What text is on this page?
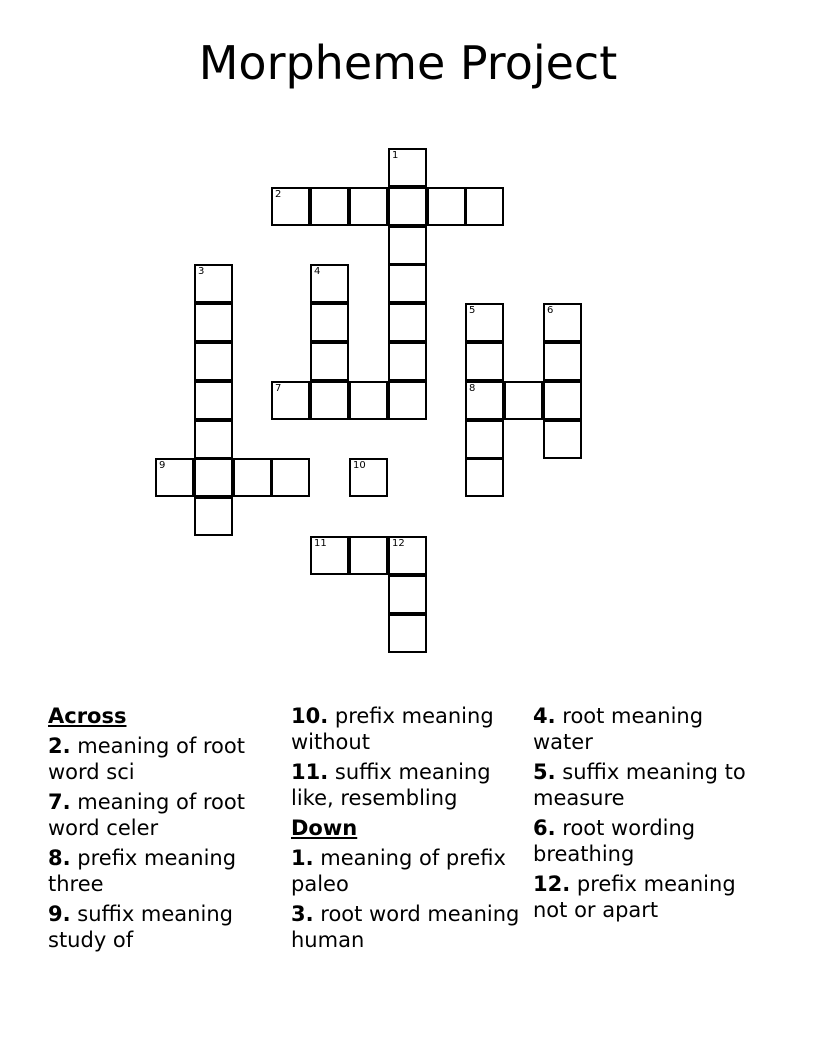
Morpheme Project
1
2
3	4
5
8
6
7
9	10
11	12
Across
2. meaning of root word sci
7. meaning of root word celer
8. prefix meaning three
9. suffix meaning study of
10. prefix meaning without
11. suffix meaning like, resembling
Down
1. meaning of prefix paleo
3. root word meaning human
4. root meaning water
5. suffix meaning to measure
6. root wording breathing
12. prefix meaning not or apart
